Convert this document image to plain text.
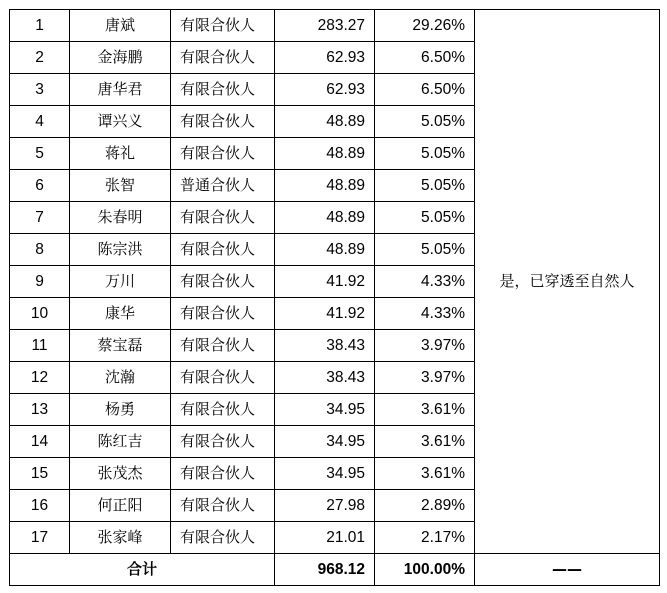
1	唐斌	有限合伙人	283.27	29.26%	是，已穿透至自然人
2	金海鹏	有限合伙人	62.93	6.50%	
3	唐华君	有限合伙人	62.93	6.50%	
4	谭兴义	有限合伙人	48.89	5.05%	
5	蒋礼	有限合伙人	48.89	5.05%	
6	张智	普通合伙人	48.89	5.05%	
7	朱春明	有限合伙人	48.89	5.05%	
8	陈宗洪	有限合伙人	48.89	5.05%	
9	万川	有限合伙人	41.92	4.33%	
10	康华	有限合伙人	41.92	4.33%	
11	蔡宝磊	有限合伙人	38.43	3.97%	
12	沈瀚	有限合伙人	38.43	3.97%	
13	杨勇	有限合伙人	34.95	3.61%	
14	陈红吉	有限合伙人	34.95	3.61%	
15	张茂杰	有限合伙人	34.95	3.61%	
16	何正阳	有限合伙人	27.98	2.89%	
17	张家峰	有限合伙人	21.01	2.17%	
合计			968.12	100.00%	——
